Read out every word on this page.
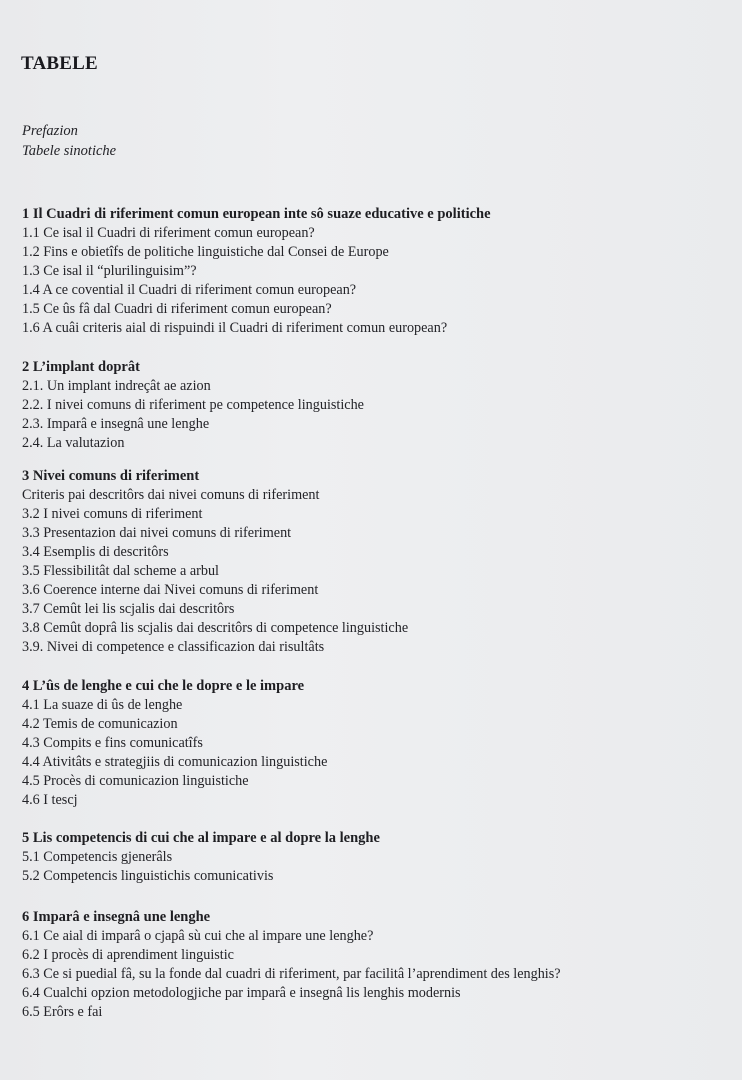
TABELE
Prefazion
Tabele sinotiche
1 Il Cuadri di riferiment comun european inte sô suaze educative e politiche
1.1 Ce isal il Cuadri di riferiment comun european?
1.2 Fins e obietîfs de politiche linguistiche dal Consei de Europe
1.3 Ce isal il “plurilinguisim”?
1.4 A ce covential il Cuadri di riferiment comun european?
1.5 Ce ûs fâ dal Cuadri di riferiment comun european?
1.6 A cuâi criteris aial di rispuindi il Cuadri di riferiment comun european?
2 L’implant doprât
2.1. Un implant indreçât ae azion
2.2. I nivei comuns di riferiment pe competence linguistiche
2.3. Imparâ e insegnâ une lenghe
2.4. La valutazion
3 Nivei comuns di riferiment
Criteris pai descritôrs dai nivei comuns di riferiment
3.2 I nivei comuns di riferiment
3.3 Presentazion dai nivei comuns di riferiment
3.4 Esemplis di descritôrs
3.5 Flessibilitât dal scheme a arbul
3.6 Coerence interne dai Nivei comuns di riferiment
3.7 Cemût lei lis scjalis dai descritôrs
3.8 Cemût doprâ lis scjalis dai descritôrs di competence linguistiche
3.9. Nivei di competence e classificazion dai risultâts
4 L’ûs de lenghe e cui che le dopre e le impare
4.1 La suaze di ûs de lenghe
4.2 Temis de comunicazion
4.3 Compits e fins comunicatîfs
4.4 Ativitâts e strategjiis di comunicazion linguistiche
4.5 Procès di comunicazion linguistiche
4.6 I tescj
5 Lis competencis di cui che al impare e al dopre la lenghe
5.1 Competencis gjenerâls
5.2 Competencis linguistichis comunicativis
6 Imparâ e insegnâ une lenghe
6.1 Ce aial di imparâ o cjapâ sù cui che al impare une lenghe?
6.2 I procès di aprendiment linguistic
6.3 Ce si puedial fâ, su la fonde dal cuadri di riferiment, par facilitâ l’aprendiment des lenghis?
6.4 Cualchi opzion metodologjiche par imparâ e insegnâ lis lenghis modernis
6.5 Erôrs e fai
